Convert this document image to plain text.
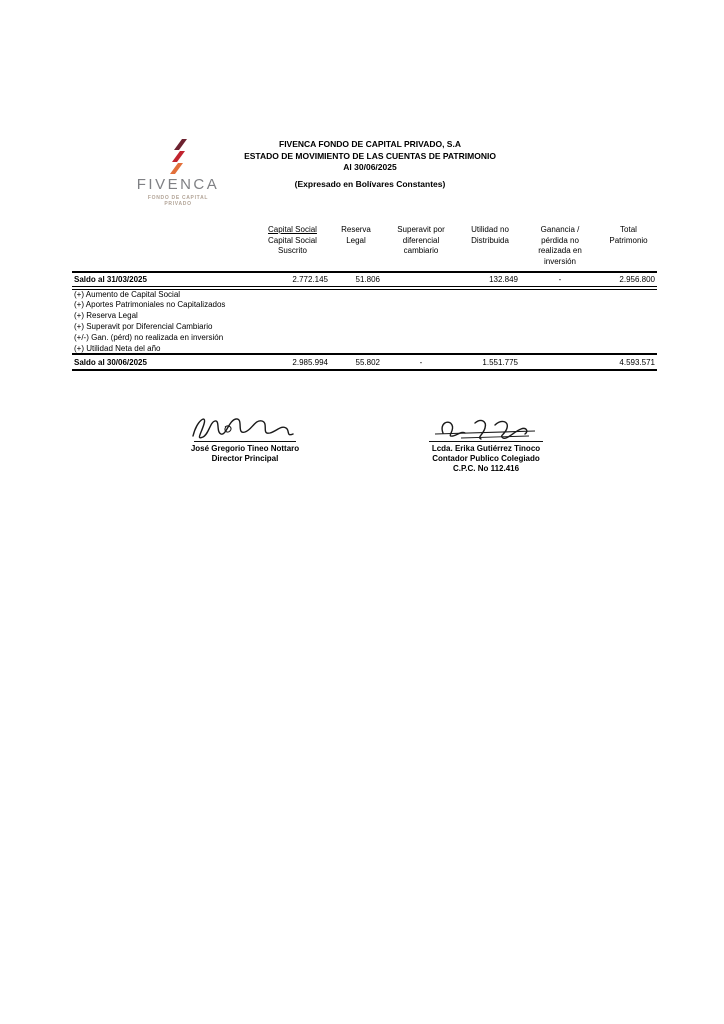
FIVENCA
FONDO DE CAPITAL
PRIVADO
FIVENCA FONDO DE CAPITAL PRIVADO, S.A
ESTADO DE MOVIMIENTO DE LAS CUENTAS DE PATRIMONIO
Al 30/06/2025
(Expresado en Bolívares Constantes)

	Capital Social
Capital Social
Suscrito	Reserva
Legal	Superavit por
diferencial
cambiario	Utilidad no
Distribuida	Ganancia /
pérdida no
realizada en
inversión	Total
Patrimonio

Saldo al 31/03/2025	2.772.145	51.806		132.849	-	2.956.800
(+) Aumento de Capital Social						
(+) Aportes Patrimoniales no Capitalizados						
(+) Reserva Legal						
(+) Superavit por Diferencial Cambiario						
(+/-) Gan. (pérd) no realizada en inversión						
(+) Utilidad Neta del año						
Saldo al 30/06/2025	2.985.994	55.802	-	1.551.775		4.593.571
José Gregorio Tineo Nottaro
Director Principal
Lcda. Erika Gutiérrez Tinoco
Contador Publico Colegiado
C.P.C. No 112.416
